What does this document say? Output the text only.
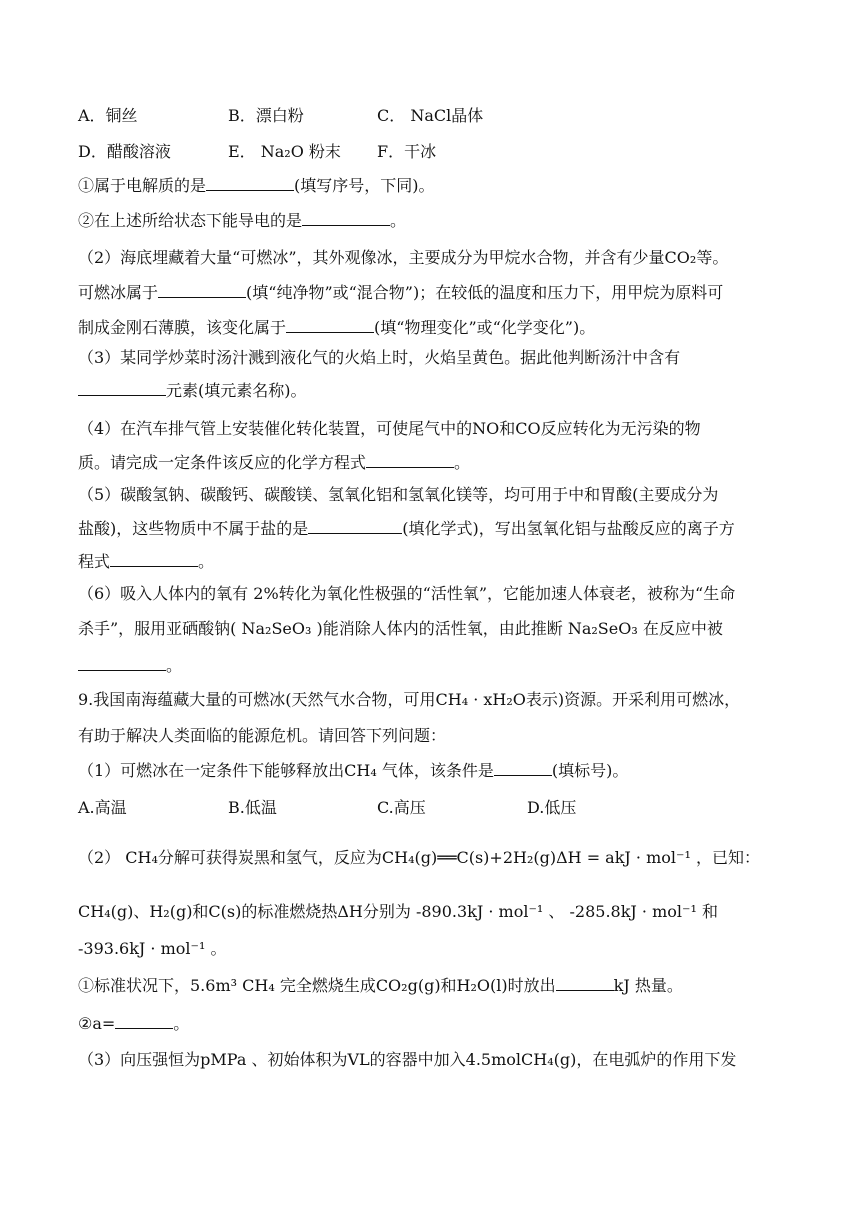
A．铜丝	B．漂白粉	C． NaCl晶体
D．醋酸溶液	E． Na₂O 粉末 F．干冰
①属于电解质的是	(填写序号，下同)。
②在上述所给状态下能导电的是	。
（2）海底埋藏着大量“可燃冰”，其外观像冰，主要成分为甲烷水合物，并含有少量CO₂等。
可燃冰属于	(填“纯净物”或“混合物”)；在较低的温度和压力下，用甲烷为原料可
制成金刚石薄膜，该变化属于	(填“物理变化”或“化学变化”)。
（3）某同学炒菜时汤汁溅到液化气的火焰上时，火焰呈黄色。据此他判断汤汁中含有
元素(填元素名称)。
（4）在汽车排气管上安装催化转化装置，可使尾气中的NO和CO反应转化为无污染的物
质。请完成一定条件该反应的化学方程式	。
（5）碳酸氢钠、碳酸钙、碳酸镁、氢氧化铝和氢氧化镁等，均可用于中和胃酸(主要成分为
盐酸)，这些物质中不属于盐的是	(填化学式)，写出氢氧化铝与盐酸反应的离子方
程式	。
（6）吸入人体内的氧有 2%转化为氧化性极强的“活性氧”，它能加速人体衰老，被称为“生命
杀手”，服用亚硒酸钠( Na₂SeO₃ )能消除人体内的活性氧，由此推断 Na₂SeO₃ 在反应中被
。
9.我国南海蕴藏大量的可燃冰(天然气水合物，可用CH₄ · xH₂O表示)资源。开采利用可燃冰，
有助于解决人类面临的能源危机。请回答下列问题：
（1）可燃冰在一定条件下能够释放出CH₄ 气体，该条件是	(填标号)。
A.高温	B.低温	C.高压	D.低压
（2） CH₄分解可获得炭黑和氢气，反应为CH₄(g)══C(s)+2H₂(g)ΔH = akJ · mol⁻¹ ，已知：
CH₄(g)、H₂(g)和C(s)的标准燃烧热ΔH分别为 -890.3kJ · mol⁻¹ 、 -285.8kJ · mol⁻¹ 和
-393.6kJ · mol⁻¹ 。
①标准状况下，5.6m³ CH₄ 完全燃烧生成CO₂g(g)和H₂O(l)时放出	kJ 热量。
②a=	。
（3）向压强恒为pMPa 、初始体积为VL的容器中加入4.5molCH₄(g)，在电弧炉的作用下发
